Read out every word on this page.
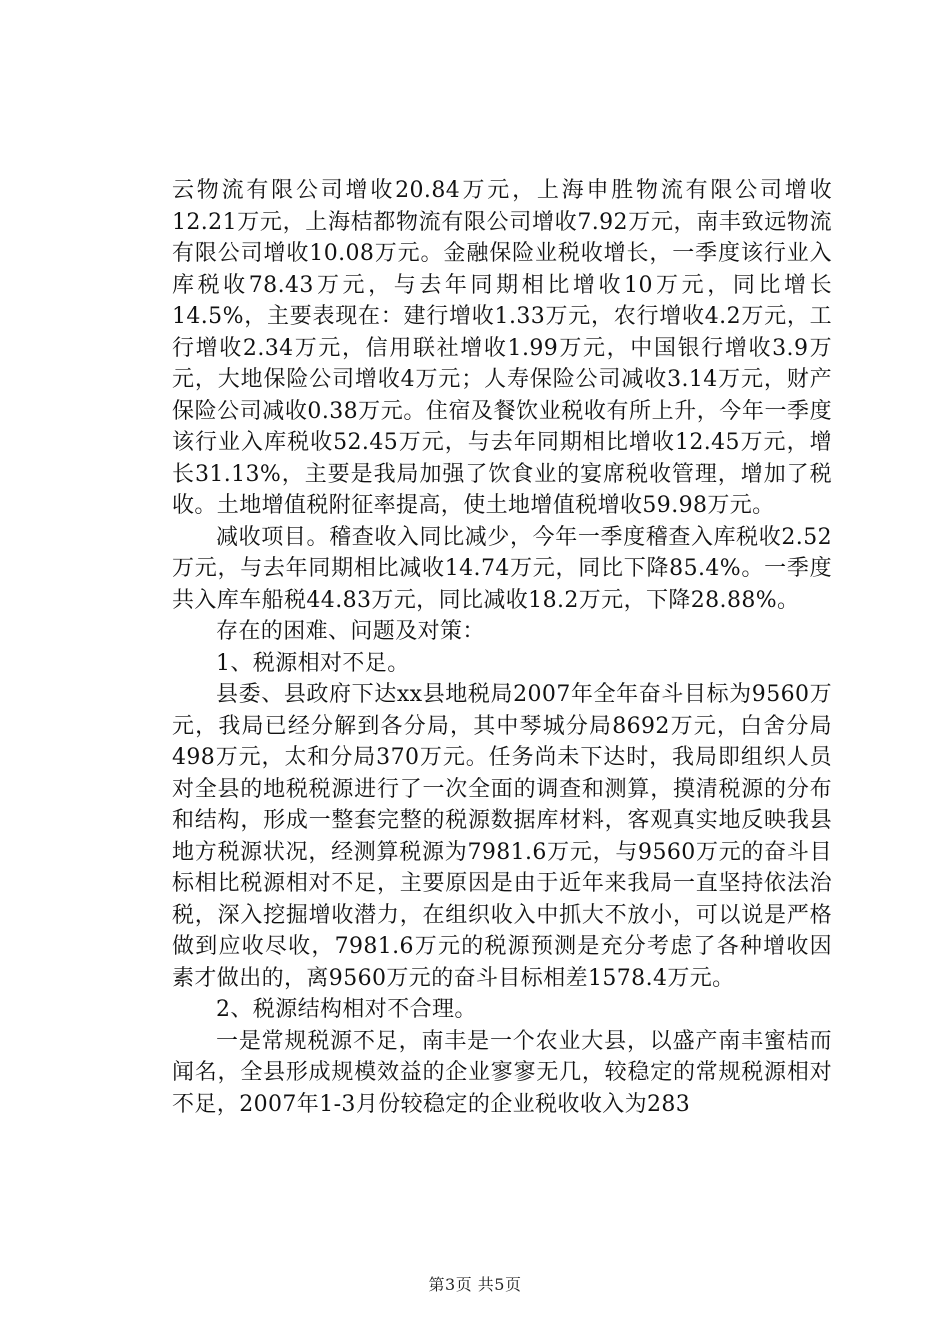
云物流有限公司增收20.84万元，上海申胜物流有限公司增收12.21万元，上海桔都物流有限公司增收7.92万元，南丰致远物流有限公司增收10.08万元。金融保险业税收增长，一季度该行业入库税收78.43万元，与去年同期相比增收10万元，同比增长14.5%，主要表现在：建行增收1.33万元，农行增收4.2万元，工行增收2.34万元，信用联社增收1.99万元，中国银行增收3.9万元，大地保险公司增收4万元；人寿保险公司减收3.14万元，财产保险公司减收0.38万元。住宿及餐饮业税收有所上升，今年一季度该行业入库税收52.45万元，与去年同期相比增收12.45万元，增长31.13%，主要是我局加强了饮食业的宴席税收管理，增加了税收。土地增值税附征率提高，使土地增值税增收59.98万元。

减收项目。稽查收入同比减少，今年一季度稽查入库税收2.52万元，与去年同期相比减收14.74万元，同比下降85.4%。一季度共入库车船税44.83万元，同比减收18.2万元，下降28.88%。

存在的困难、问题及对策：

1、税源相对不足。

县委、县政府下达xx县地税局2007年全年奋斗目标为9560万元，我局已经分解到各分局，其中琴城分局8692万元，白舍分局498万元，太和分局370万元。任务尚未下达时，我局即组织人员对全县的地税税源进行了一次全面的调查和测算，摸清税源的分布和结构，形成一整套完整的税源数据库材料，客观真实地反映我县地方税源状况，经测算税源为7981.6万元，与9560万元的奋斗目标相比税源相对不足，主要原因是由于近年来我局一直坚持依法治税，深入挖掘增收潜力，在组织收入中抓大不放小，可以说是严格做到应收尽收，7981.6万元的税源预测是充分考虑了各种增收因素才做出的，离9560万元的奋斗目标相差1578.4万元。

2、税源结构相对不合理。

一是常规税源不足，南丰是一个农业大县，以盛产南丰蜜桔而闻名，全县形成规模效益的企业寥寥无几，较稳定的常规税源相对不足，2007年1-3月份较稳定的企业税收收入为283

第3页 共5页
